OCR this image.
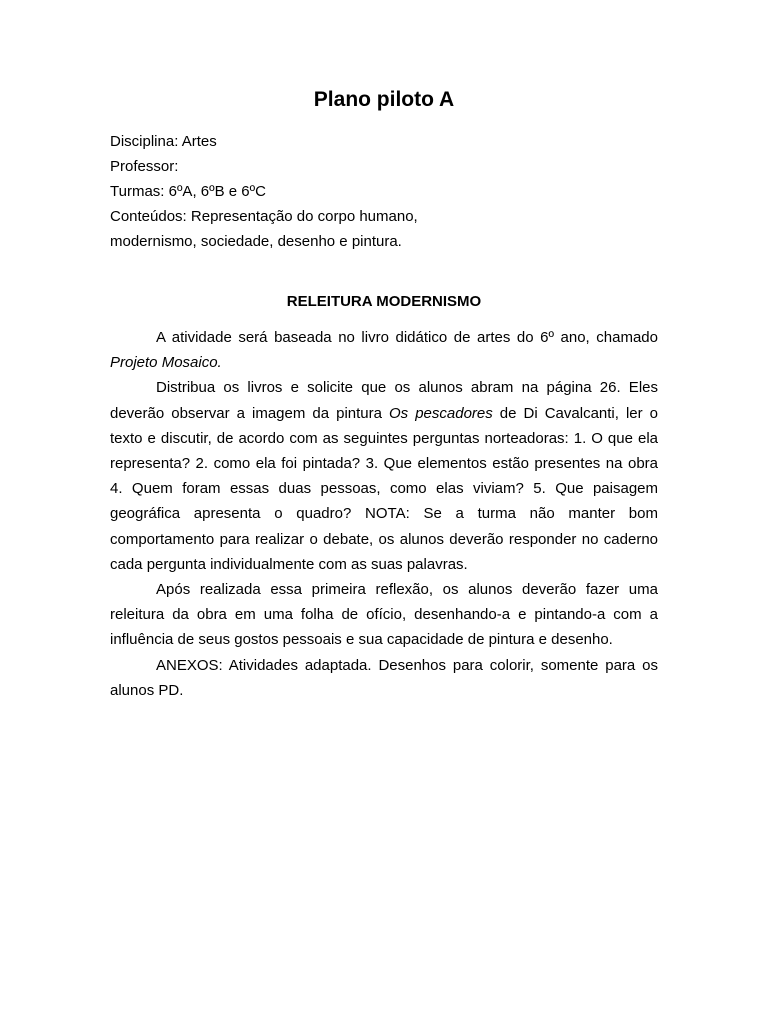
Plano piloto A
Disciplina: Artes
Professor:
Turmas: 6ºA, 6ºB e 6ºC
Conteúdos: Representação do corpo humano,
modernismo, sociedade, desenho e pintura.
RELEITURA MODERNISMO

A atividade será baseada no livro didático de artes do 6º ano, chamado Projeto Mosaico.

Distribua os livros e solicite que os alunos abram na página 26. Eles deverão observar a imagem da pintura Os pescadores de Di Cavalcanti, ler o texto e discutir, de acordo com as seguintes perguntas norteadoras: 1. O que ela representa? 2. como ela foi pintada? 3. Que elementos estão presentes na obra 4. Quem foram essas duas pessoas, como elas viviam? 5. Que paisagem geográfica apresenta o quadro? NOTA: Se a turma não manter bom comportamento para realizar o debate, os alunos deverão responder no caderno cada pergunta individualmente com as suas palavras.

Após realizada essa primeira reflexão, os alunos deverão fazer uma releitura da obra em uma folha de ofício, desenhando-a e pintando-a com a influência de seus gostos pessoais e sua capacidade de pintura e desenho.

ANEXOS: Atividades adaptada. Desenhos para colorir, somente para os alunos PD.
